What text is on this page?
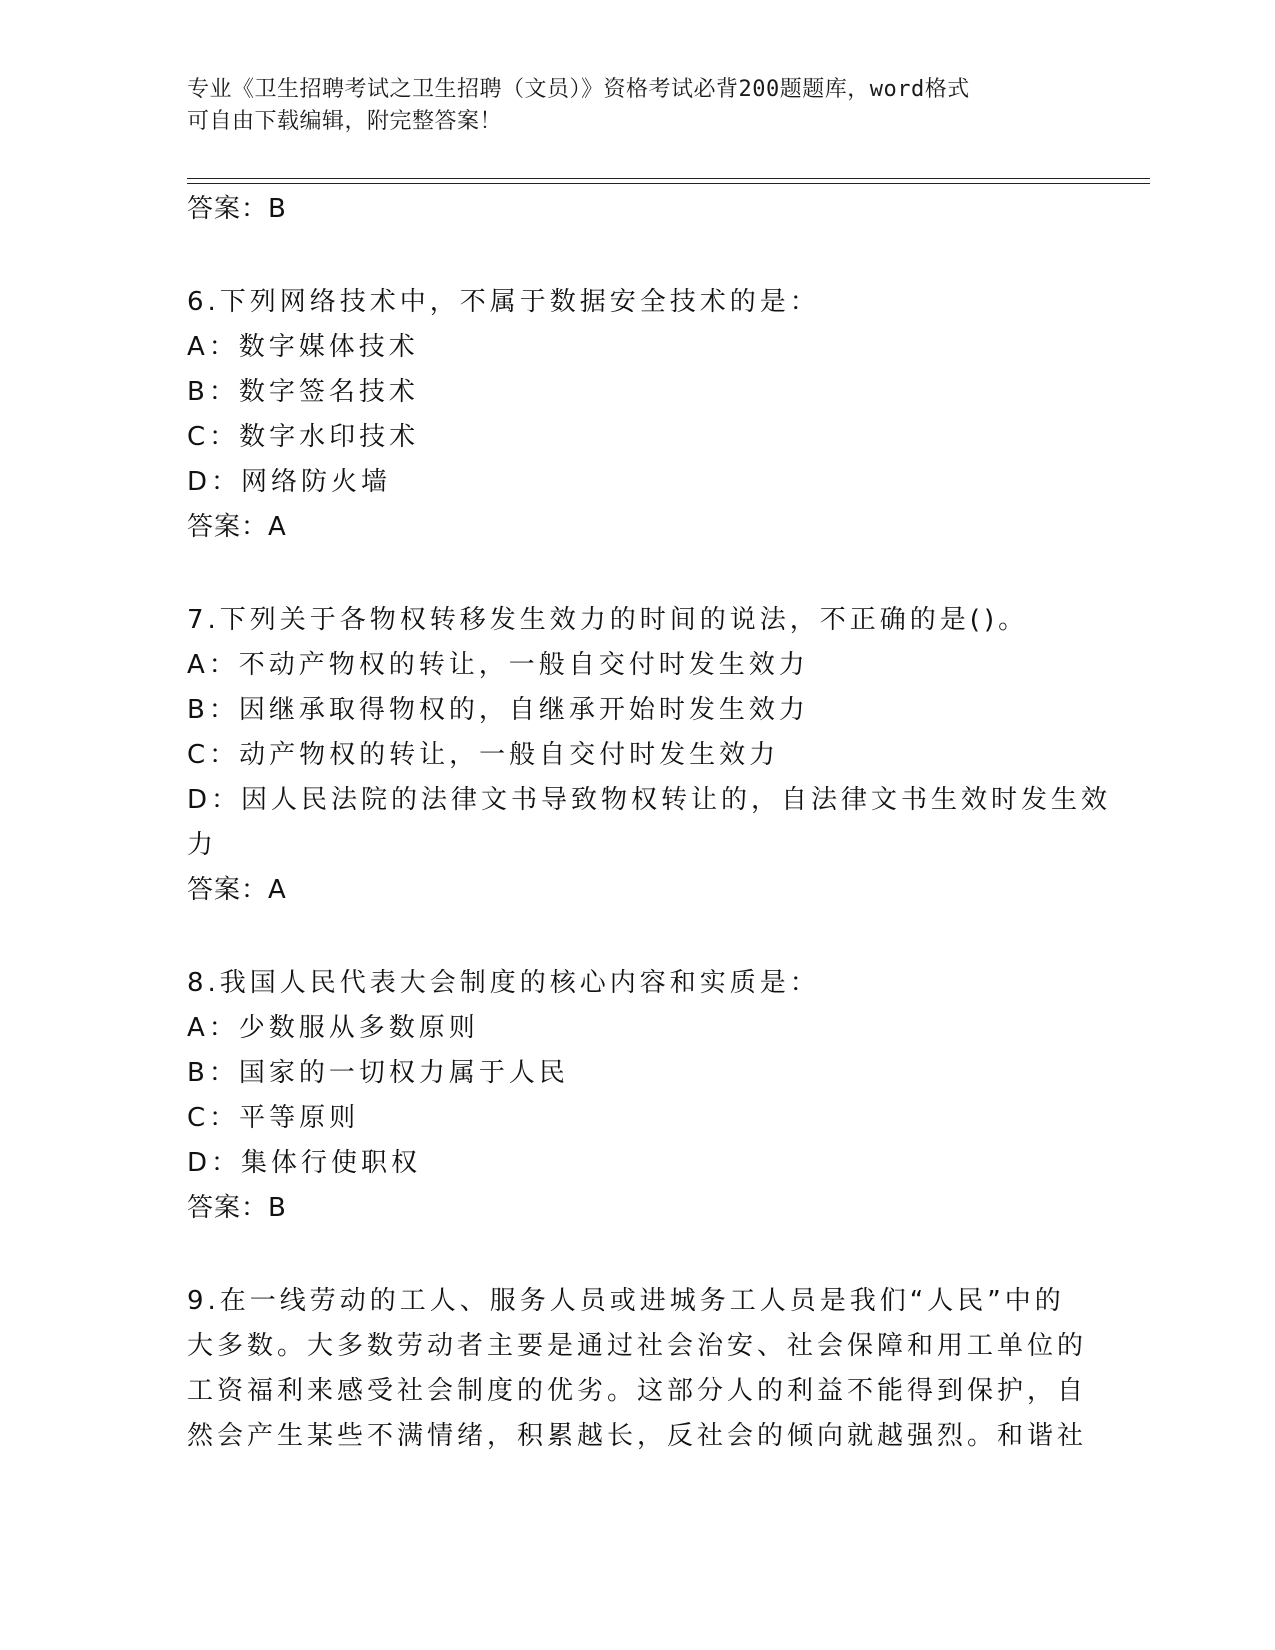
专业《卫生招聘考试之卫生招聘（文员）》资格考试必背200题题库，word格式
可自由下载编辑，附完整答案！
答案：B
6.下列网络技术中，不属于数据安全技术的是：
A：数字媒体技术
B：数字签名技术
C：数字水印技术
D：网络防火墙
答案：A
7.下列关于各物权转移发生效力的时间的说法，不正确的是()。
A：不动产物权的转让，一般自交付时发生效力
B：因继承取得物权的，自继承开始时发生效力
C：动产物权的转让，一般自交付时发生效力
D：因人民法院的法律文书导致物权转让的，自法律文书生效时发生效
力
答案：A
8.我国人民代表大会制度的核心内容和实质是：
A：少数服从多数原则
B：国家的一切权力属于人民
C：平等原则
D：集体行使职权
答案：B
9.在一线劳动的工人、服务人员或进城务工人员是我们“人民”中的
大多数。大多数劳动者主要是通过社会治安、社会保障和用工单位的
工资福利来感受社会制度的优劣。这部分人的利益不能得到保护，自
然会产生某些不满情绪，积累越长，反社会的倾向就越强烈。和谐社
